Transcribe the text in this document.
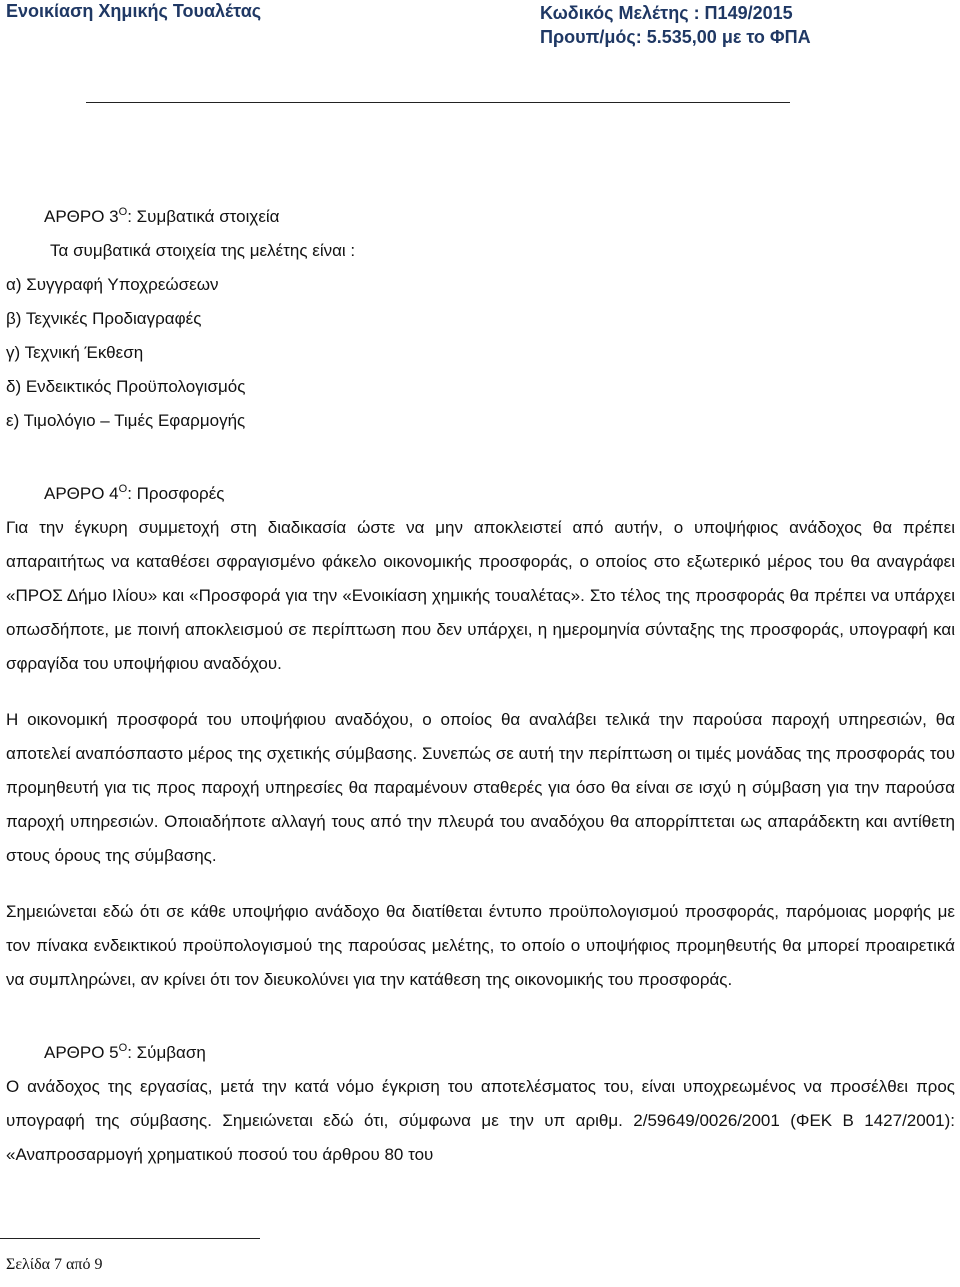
Ενοικίαση Χημικής Τουαλέτας	Κωδικός Μελέτης : Π149/2015
Προυπ/μός: 5.535,00 με το ΦΠΑ

ΑΡΘΡΟ $3^O$: Συμβατικά στοιχεία

Τα συμβατικά στοιχεία της μελέτης είναι :

α) Συγγραφή Υποχρεώσεων

β) Τεχνικές Προδιαγραφές

γ) Τεχνική Έκθεση

δ) Ενδεικτικός Προϋπολογισμός

ε) Τιμολόγιο – Τιμές Εφαρμογής

ΑΡΘΡΟ $4^O$: Προσφορές

Για την έγκυρη συμμετοχή στη διαδικασία ώστε να μην αποκλειστεί από αυτήν, ο υποψήφιος ανάδοχος θα πρέπει απαραιτήτως να καταθέσει σφραγισμένο φάκελο οικονομικής προσφοράς, ο οποίος στο εξωτερικό μέρος του θα αναγράφει «ΠΡΟΣ Δήμο Ιλίου» και «Προσφορά για την «Ενοικίαση χημικής τουαλέτας». Στο τέλος της προσφοράς θα πρέπει να υπάρχει οπωσδήποτε, με ποινή αποκλεισμού σε περίπτωση που δεν υπάρχει, η ημερομηνία σύνταξης της προσφοράς, υπογραφή και σφραγίδα του υποψήφιου αναδόχου.

Η οικονομική προσφορά του υποψήφιου αναδόχου, ο οποίος θα αναλάβει τελικά την παρούσα παροχή υπηρεσιών, θα αποτελεί αναπόσπαστο μέρος της σχετικής σύμβασης. Συνεπώς σε αυτή την περίπτωση οι τιμές μονάδας της προσφοράς του προμηθευτή για τις προς παροχή υπηρεσίες θα παραμένουν σταθερές για όσο θα είναι σε ισχύ η σύμβαση για την παρούσα παροχή υπηρεσιών. Οποιαδήποτε αλλαγή τους από την πλευρά του αναδόχου θα απορρίπτεται ως απαράδεκτη και αντίθετη στους όρους της σύμβασης.

Σημειώνεται εδώ ότι σε κάθε υποψήφιο ανάδοχο θα διατίθεται έντυπο προϋπολογισμού προσφοράς, παρόμοιας μορφής με τον πίνακα ενδεικτικού προϋπολογισμού της παρούσας μελέτης, το οποίο ο υποψήφιος προμηθευτής θα μπορεί προαιρετικά να συμπληρώνει, αν κρίνει ότι τον διευκολύνει για την κατάθεση της οικονομικής του προσφοράς.

ΑΡΘΡΟ $5^O$: Σύμβαση

Ο ανάδοχος της εργασίας, μετά την κατά νόμο έγκριση του αποτελέσματος του, είναι υποχρεωμένος να προσέλθει προς υπογραφή της σύμβασης. Σημειώνεται εδώ ότι, σύμφωνα με την υπ αριθμ. 2/59649/0026/2001 (ΦΕΚ Β 1427/2001): «Αναπροσαρμογή χρηματικού ποσού του άρθρου 80 του

Σελίδα 7 από 9
